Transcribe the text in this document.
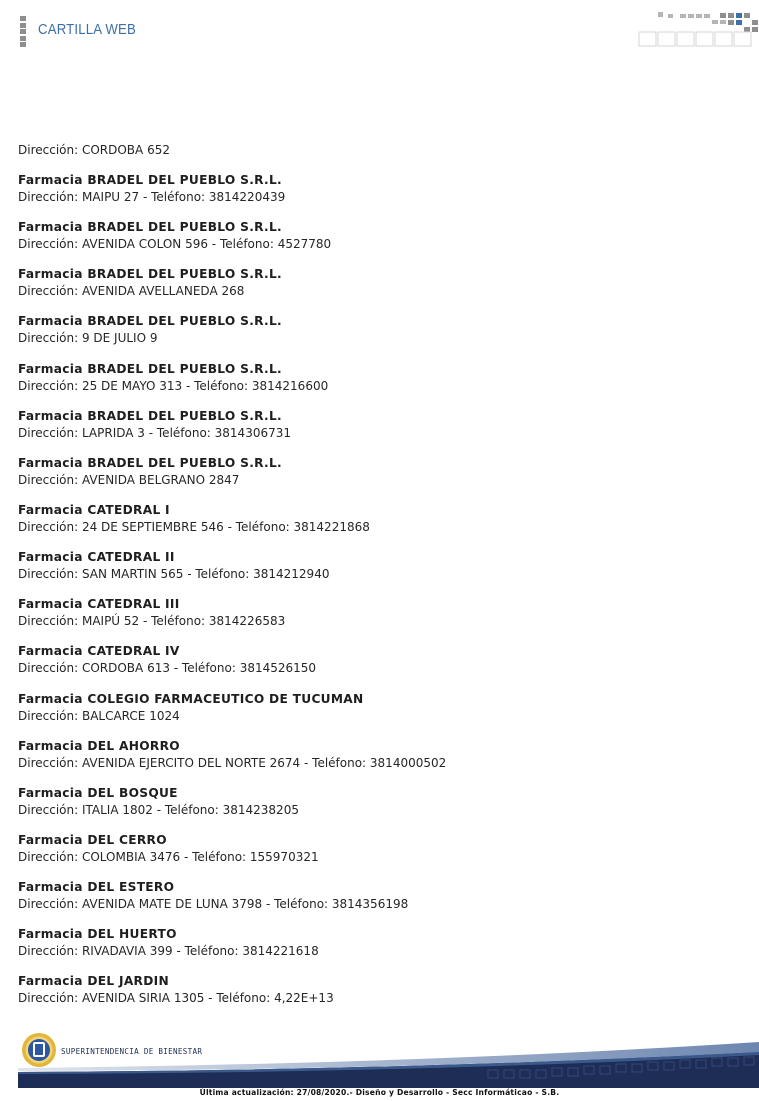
CARTILLA WEB
Dirección: CORDOBA 652
Farmacia BRADEL DEL PUEBLO S.R.L.
Dirección: MAIPU 27 - Teléfono: 3814220439
Farmacia BRADEL DEL PUEBLO S.R.L.
Dirección: AVENIDA COLON 596 - Teléfono: 4527780
Farmacia BRADEL DEL PUEBLO S.R.L.
Dirección: AVENIDA AVELLANEDA 268
Farmacia BRADEL DEL PUEBLO S.R.L.
Dirección: 9 DE JULIO 9
Farmacia BRADEL DEL PUEBLO S.R.L.
Dirección: 25 DE MAYO 313 - Teléfono: 3814216600
Farmacia BRADEL DEL PUEBLO S.R.L.
Dirección: LAPRIDA 3 - Teléfono: 3814306731
Farmacia BRADEL DEL PUEBLO S.R.L.
Dirección: AVENIDA BELGRANO 2847
Farmacia CATEDRAL I
Dirección: 24 DE SEPTIEMBRE 546 - Teléfono: 3814221868
Farmacia CATEDRAL II
Dirección: SAN MARTIN 565 - Teléfono: 3814212940
Farmacia CATEDRAL III
Dirección: MAIPÚ 52 - Teléfono: 3814226583
Farmacia CATEDRAL IV
Dirección: CORDOBA 613 - Teléfono: 3814526150
Farmacia COLEGIO FARMACEUTICO DE TUCUMAN
Dirección: BALCARCE 1024
Farmacia DEL AHORRO
Dirección: AVENIDA EJERCITO DEL NORTE 2674 - Teléfono: 3814000502
Farmacia DEL BOSQUE
Dirección: ITALIA 1802 - Teléfono: 3814238205
Farmacia DEL CERRO
Dirección: COLOMBIA 3476 - Teléfono: 155970321
Farmacia DEL ESTERO
Dirección: AVENIDA MATE DE LUNA 3798 - Teléfono: 3814356198
Farmacia DEL HUERTO
Dirección: RIVADAVIA 399 - Teléfono: 3814221618
Farmacia DEL JARDIN
Dirección: AVENIDA SIRIA 1305 - Teléfono: 4,22E+13
SUPERINTENDENCIA DE BIENESTAR
Última actualización: 27/08/2020.- Diseño y Desarrollo - Secc Informáticao - S.B.
